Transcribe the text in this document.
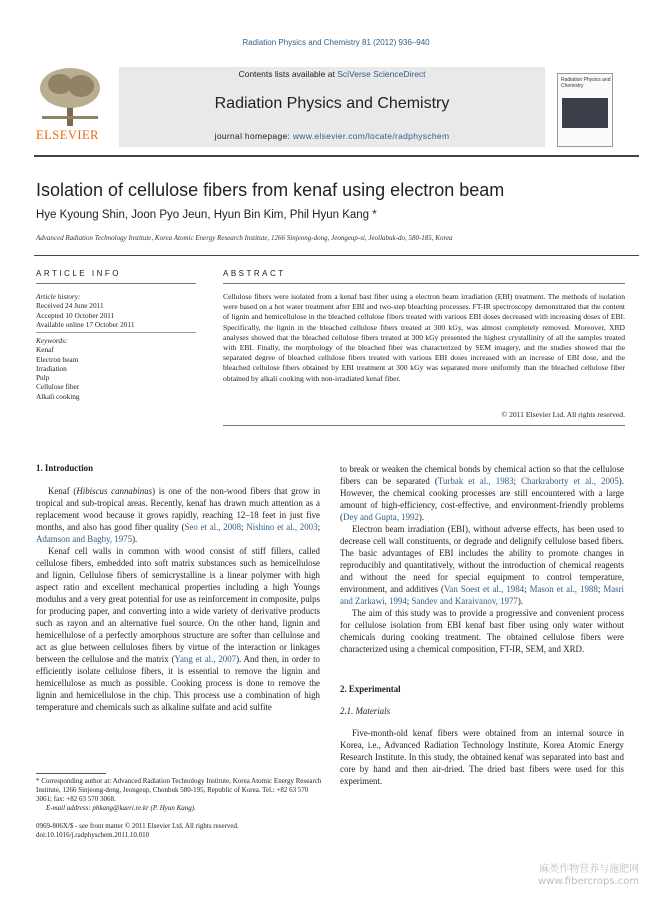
Radiation Physics and Chemistry 81 (2012) 936–940
ELSEVIER
Contents lists available at SciVerse ScienceDirect
Radiation Physics and Chemistry
journal homepage: www.elsevier.com/locate/radphyschem
Radiation Physics and Chemistry
Isolation of cellulose fibers from kenaf using electron beam
Hye Kyoung Shin, Joon Pyo Jeun, Hyun Bin Kim, Phil Hyun Kang *
Advanced Radiation Technology Institute, Korea Atomic Energy Research Institute, 1266 Sinjeong-dong, Jeongeup-si, Jeollabuk-do, 580-185, Korea
ARTICLE INFO
Article history:
Received 24 June 2011
Accepted 10 October 2011
Available online 17 October 2011
Keywords:
Kenaf
Electron beam
Irradiation
Pulp
Cellulose fiber
Alkali cooking
ABSTRACT
Cellulose fibers were isolated from a kenaf bast fiber using a electron beam irradiation (EBI) treatment. The methods of isolation were based on a hot water treatment after EBI and two-step bleaching processes. FT-IR spectroscopy demonstrated that the content of lignin and hemicellulose in the bleached cellulose fibers treated with various EBI doses decreased with increasing doses of EBI. Specifically, the lignin in the bleached cellulose fibers treated at 300 kGy, was almost completely removed. Moreover, XRD analyses showed that the bleached cellulose fibers treated at 300 kGy presented the highest crystallinity of all the samples treated with EBI. Finally, the morphology of the bleached fiber was characterized by SEM imagery, and the studies showed that the separated degree of bleached cellulose fibers treated with various EBI doses increased with an increase of EBI dose, and the bleached cellulose fibers obtained by EBI treatment at 300 kGy was separated more uniformly than the bleached cellulose fiber obtained by alkali cooking with non-irradiated kenaf fiber.
© 2011 Elsevier Ltd. All rights reserved.
1. Introduction

Kenaf (Hibiscus cannabinus) is one of the non-wood fibers that grow in tropical and sub-tropical areas. Recently, kenaf has drawn much attention as a replacement wood because it grows rapidly, reaching 12–18 feet in just five months, and also has good fiber quality (Seo et al., 2008; Nishino et al., 2003; Adamson and Bagby, 1975).

Kenaf cell walls in common with wood consist of stiff fillers, called cellulose fibers, embedded into soft matrix substances such as hemicellulose and lignin. Cellulose fibers of semicrystalline is a linear polymer with high aspect ratio and excellent mechanical properties including a high Youngs modulus and a very great potential for use as reinforcement in composite, pulps for producing paper, and converting into a wide variety of derivative products such as rayon and an alternative fuel source. On the other hand, lignin and hemicellulose of a perfectly amorphous structure are softer than cellulose and act as glue between celluloses fibers by virtue of the interaction or linkages between the cellulose and the matrix (Yang et al., 2007). And then, in order to efficiently isolate cellulose fibers, it is essential to remove the lignin and hemicellulose as much as possible. Cooking process is done to remove the lignin and hemicellulose in the chip. This process use a combination of high temperature and chemicals such as alkaline sulfate and acid sulfite

to break or weaken the chemical bonds by chemical action so that the cellulose fibers can be separated (Turbak et al., 1983; Charkraborty et al., 2005). However, the chemical cooking processes are still encountered with a large amount of high-efficiency, cost-effective, and environment-friendly problems (Dey and Gupta, 1992).

Electron beam irradiation (EBI), without adverse effects, has been used to decrease cell wall constituents, or degrade and delignify cellulose based fibers. The basic advantages of EBI includes the ability to promote changes in reproducibly and quantitatively, without the introduction of chemical reagents and without the need for special equipment to control temperature, environment, and additives (Van Soest et al., 1984; Mason et al., 1988; Masri and Zarkawi, 1994; Sandev and Karaivanov, 1977).

The aim of this study was to provide a progressive and convenient process for cellulose isolation from EBI kenaf bast fiber using only water without chemicals during cooking treatment. The obtained cellulose fibers were characterized using a chemical composition, FT-IR, SEM, and XRD.

2. Experimental
2.1. Materials

Five-month-old kenaf fibers were obtained from an internal source in Korea, i.e., Advanced Radiation Technology Institute, Korea Atomic Energy Research Institute. In this study, the obtained kenaf was separated into bast and core by hand and then air-dried. The dried bast fibers were used for this experiment.

* Corresponding author at: Advanced Radiation Technology Institute, Korea Atomic Energy Research Institute, 1266 Sinjeong-dong, Jeongeup, Chonbuk 580-195, Republic of Korea. Tel.: +82 63 570 3061; fax: +82 63 570 3068.
E-mail address: phkang@kaeri.re.kr (P. Hyun Kang).
0969-806X/$ - see front matter © 2011 Elsevier Ltd. All rights reserved.
doi:10.1016/j.radphyschem.2011.10.010
麻类作物营养与施肥网
www.fibercrops.com
